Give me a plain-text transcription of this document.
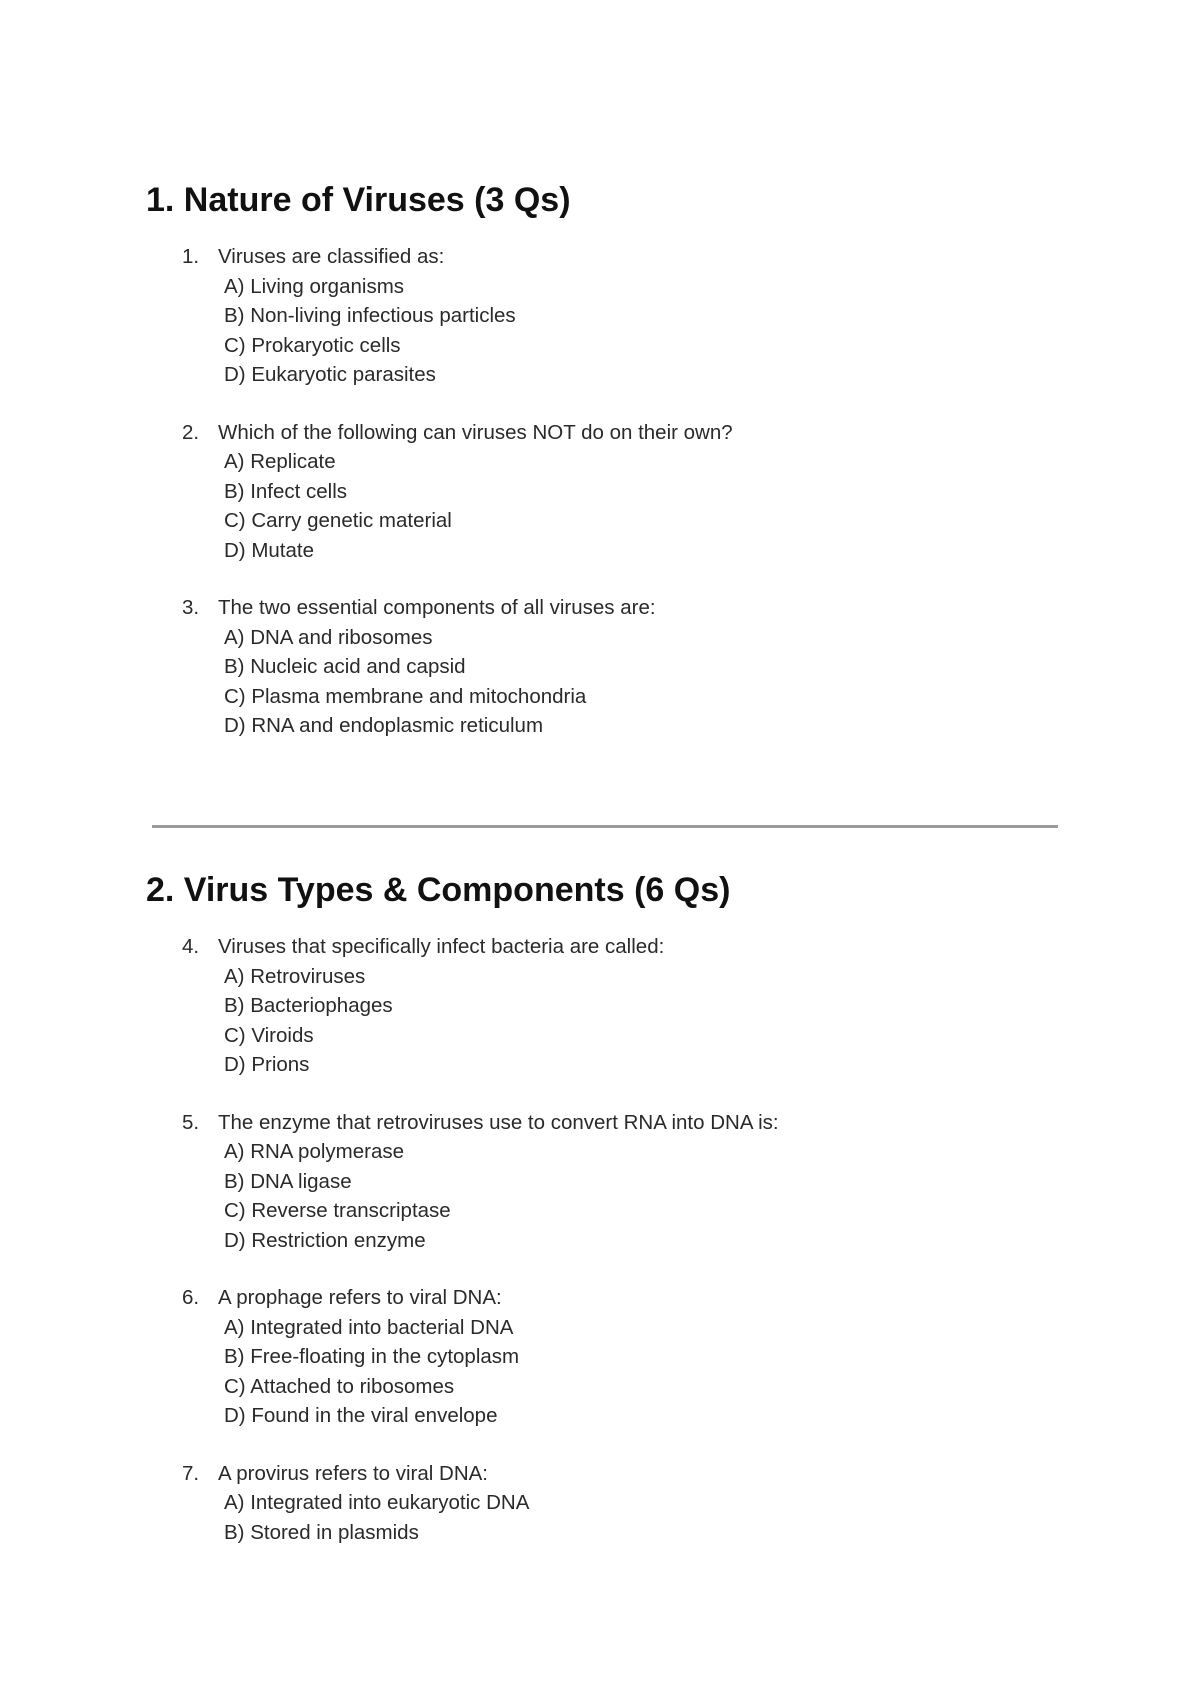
1. Nature of Viruses (3 Qs)
1. Viruses are classified as:
A) Living organisms
B) Non-living infectious particles
C) Prokaryotic cells
D) Eukaryotic parasites
2. Which of the following can viruses NOT do on their own?
A) Replicate
B) Infect cells
C) Carry genetic material
D) Mutate
3. The two essential components of all viruses are:
A) DNA and ribosomes
B) Nucleic acid and capsid
C) Plasma membrane and mitochondria
D) RNA and endoplasmic reticulum
2. Virus Types & Components (6 Qs)
4. Viruses that specifically infect bacteria are called:
A) Retroviruses
B) Bacteriophages
C) Viroids
D) Prions
5. The enzyme that retroviruses use to convert RNA into DNA is:
A) RNA polymerase
B) DNA ligase
C) Reverse transcriptase
D) Restriction enzyme
6. A prophage refers to viral DNA:
A) Integrated into bacterial DNA
B) Free-floating in the cytoplasm
C) Attached to ribosomes
D) Found in the viral envelope
7. A provirus refers to viral DNA:
A) Integrated into eukaryotic DNA
B) Stored in plasmids
